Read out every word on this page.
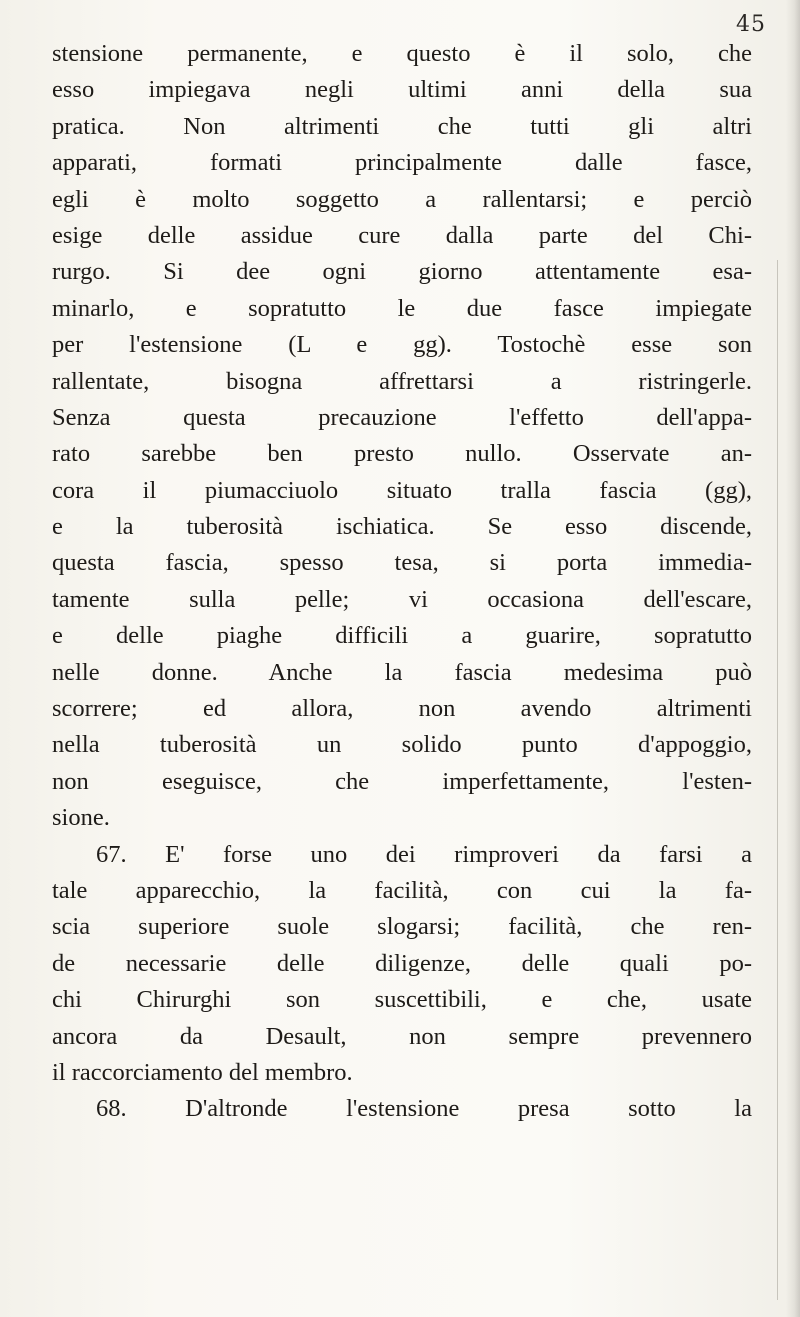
45
stensione permanente, e questo è il solo, che
esso impiegava negli ultimi anni della sua
pratica. Non altrimenti che tutti gli altri
apparati, formati principalmente dalle fasce,
egli è molto soggetto a rallentarsi; e perciò
esige delle assidue cure dalla parte del Chi-
rurgo. Si dee ogni giorno attentamente esa-
minarlo, e sopratutto le due fasce impiegate
per l'estensione (L e gg). Tostochè esse son
rallentate, bisogna affrettarsi a ristringerle.
Senza questa precauzione l'effetto dell'appa-
rato sarebbe ben presto nullo. Osservate an-
cora il piumacciuolo situato tralla fascia (gg),
e la tuberosità ischiatica. Se esso discende,
questa fascia, spesso tesa, si porta immedia-
tamente sulla pelle; vi occasiona dell'escare,
e delle piaghe difficili a guarire, sopratutto
nelle donne. Anche la fascia medesima può
scorrere; ed allora, non avendo altrimenti
nella tuberosità un solido punto d'appoggio,
non eseguisce, che imperfettamente, l'esten-
sione.
67. E' forse uno dei rimproveri da farsi a
tale apparecchio, la facilità, con cui la fa-
scia superiore suole slogarsi; facilità, che ren-
de necessarie delle diligenze, delle quali po-
chi Chirurghi son suscettibili, e che, usate
ancora da Desault, non sempre prevennero
il raccorciamento del membro.
68. D'altronde l'estensione presa sotto la
